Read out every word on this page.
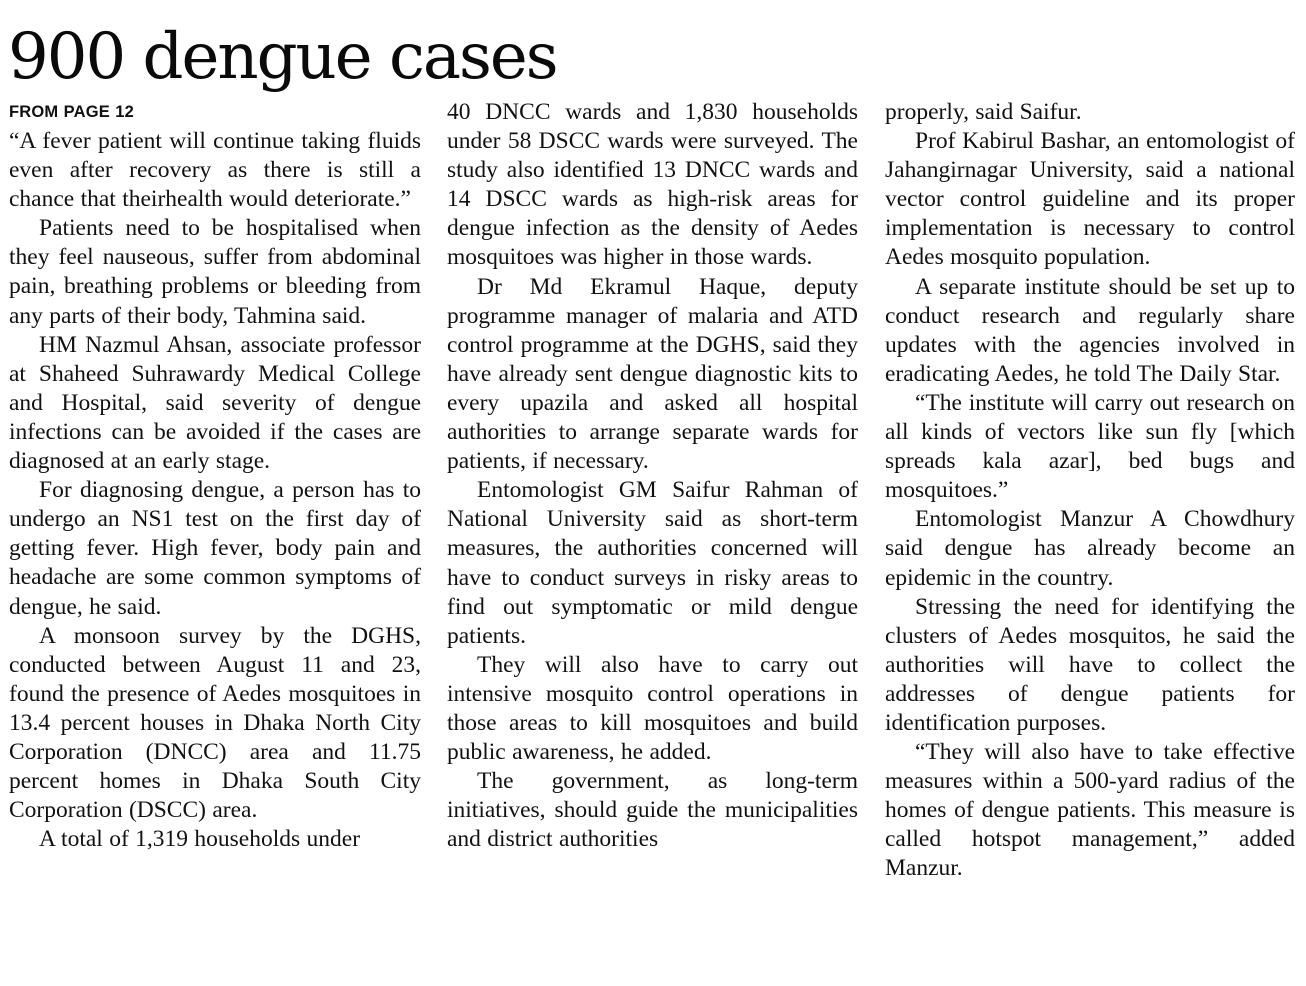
900 dengue cases
FROM PAGE 12

“A fever patient will continue taking fluids even after recovery as there is still a chance that theirhealth would deteriorate.”

Patients need to be hospitalised when they feel nauseous, suffer from abdominal pain, breathing problems or bleeding from any parts of their body, Tahmina said.

HM Nazmul Ahsan, associate professor at Shaheed Suhrawardy Medical College and Hospital, said severity of dengue infections can be avoided if the cases are diagnosed at an early stage.

For diagnosing dengue, a person has to undergo an NS1 test on the first day of getting fever. High fever, body pain and headache are some common symptoms of dengue, he said.

A monsoon survey by the DGHS, conducted between August 11 and 23, found the presence of Aedes mosquitoes in 13.4 percent houses in Dhaka North City Corporation (DNCC) area and 11.75 percent homes in Dhaka South City Corporation (DSCC) area.

A total of 1,319 households under

40 DNCC wards and 1,830 households under 58 DSCC wards were surveyed. The study also identified 13 DNCC wards and 14 DSCC wards as high-risk areas for dengue infection as the density of Aedes mosquitoes was higher in those wards.

Dr Md Ekramul Haque, deputy programme manager of malaria and ATD control programme at the DGHS, said they have already sent dengue diagnostic kits to every upazila and asked all hospital authorities to arrange separate wards for patients, if necessary.

Entomologist GM Saifur Rahman of National University said as short-term measures, the authorities concerned will have to conduct surveys in risky areas to find out symptomatic or mild dengue patients.

They will also have to carry out intensive mosquito control operations in those areas to kill mosquitoes and build public awareness, he added.

The government, as long-term initiatives, should guide the municipalities and district authorities

properly, said Saifur.

Prof Kabirul Bashar, an entomologist of Jahangirnagar University, said a national vector control guideline and its proper implementation is necessary to control Aedes mosquito population.

A separate institute should be set up to conduct research and regularly share updates with the agencies involved in eradicating Aedes, he told The Daily Star.

“The institute will carry out research on all kinds of vectors like sun fly [which spreads kala azar], bed bugs and mosquitoes.”

Entomologist Manzur A Chowdhury said dengue has already become an epidemic in the country.

Stressing the need for identifying the clusters of Aedes mosquitos, he said the authorities will have to collect the addresses of dengue patients for identification purposes.

“They will also have to take effective measures within a 500-yard radius of the homes of dengue patients. This measure is called hotspot management,” added Manzur.
